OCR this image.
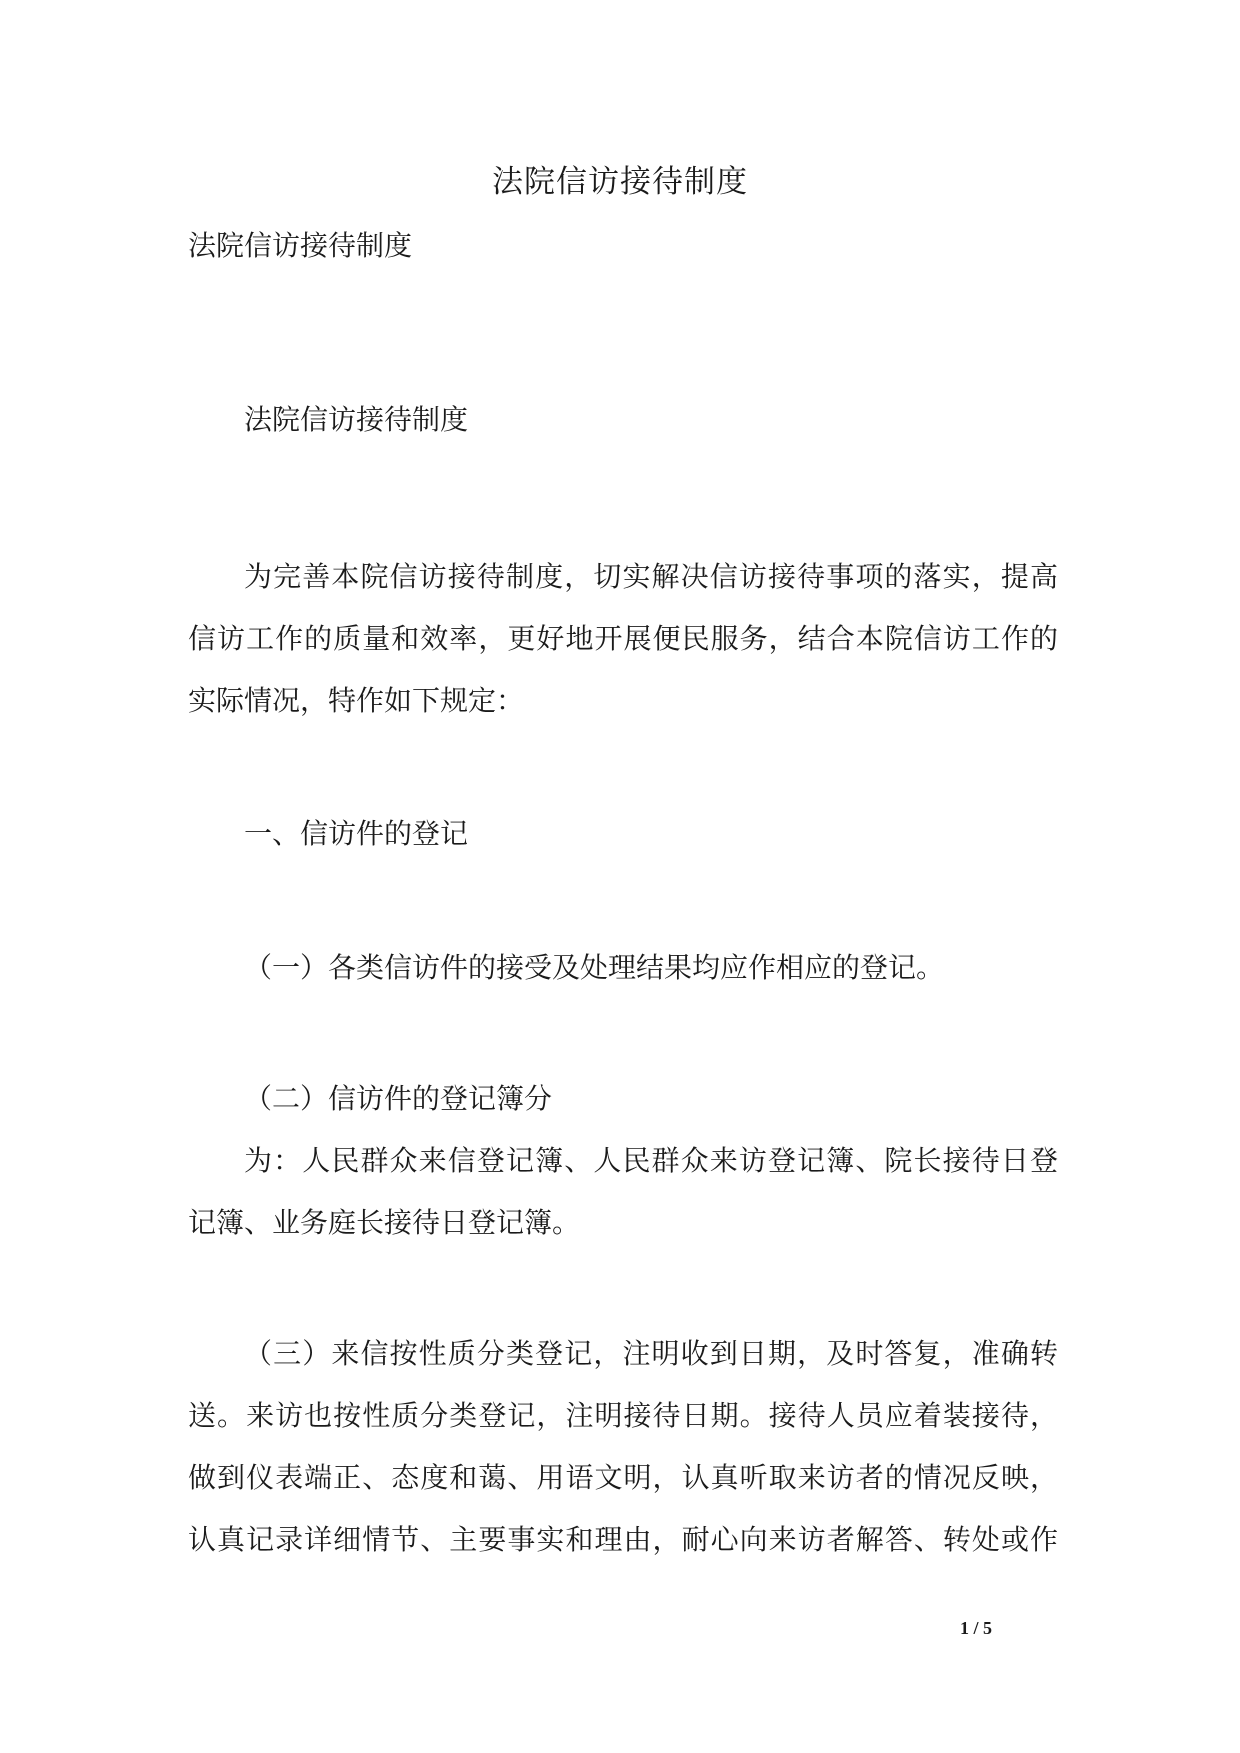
法院信访接待制度
法院信访接待制度
法院信访接待制度
为完善本院信访接待制度，切实解决信访接待事项的落实，提高
信访工作的质量和效率，更好地开展便民服务，结合本院信访工作的
实际情况，特作如下规定：
一、信访件的登记
（一）各类信访件的接受及处理结果均应作相应的登记。
（二）信访件的登记簿分
为：人民群众来信登记簿、人民群众来访登记簿、院长接待日登
记簿、业务庭长接待日登记簿。
（三）来信按性质分类登记，注明收到日期，及时答复，准确转
送。来访也按性质分类登记，注明接待日期。接待人员应着装接待，
做到仪表端正、态度和蔼、用语文明，认真听取来访者的情况反映，
认真记录详细情节、主要事实和理由，耐心向来访者解答、转处或作
1 / 5
